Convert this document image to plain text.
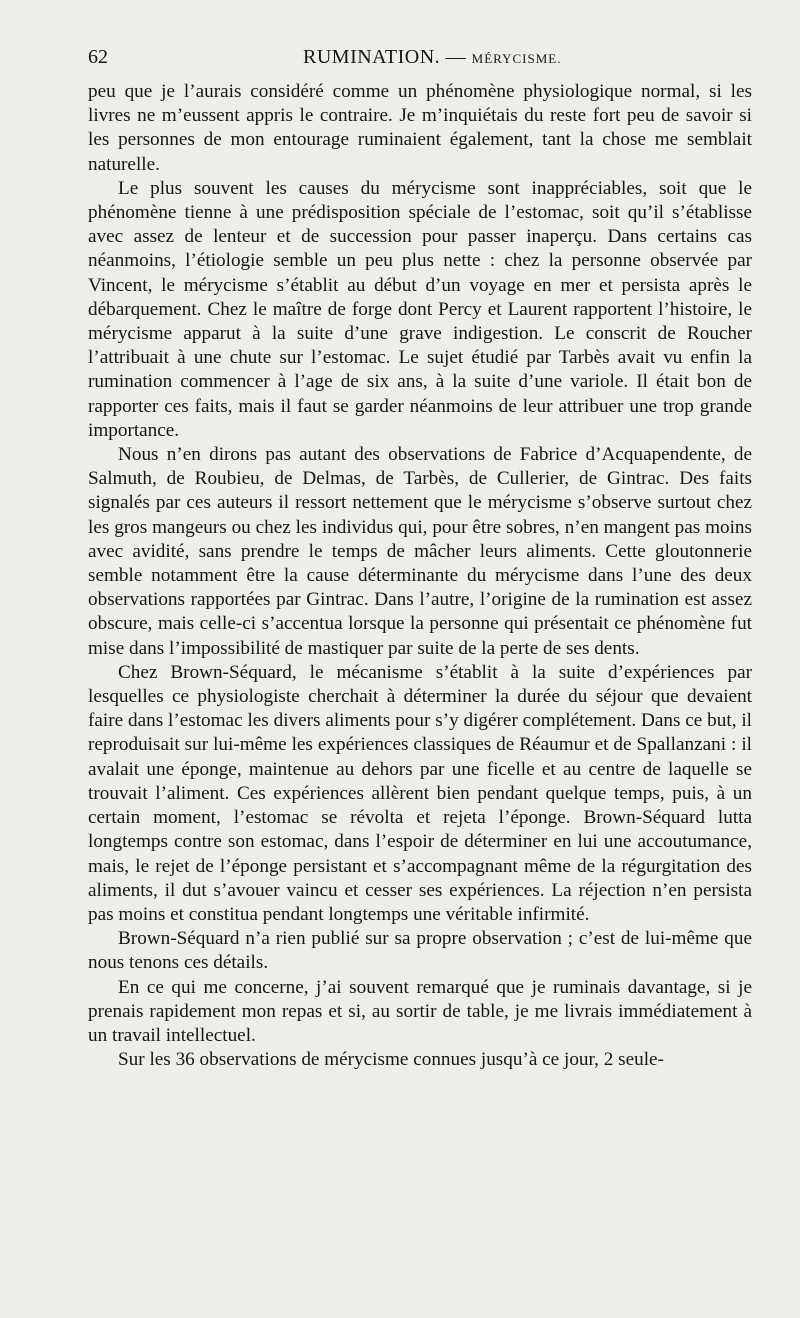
62	RUMINATION. — MÉRYCISME.

peu que je l’aurais considéré comme un phénomène physiologique normal, si les livres ne m’eussent appris le contraire. Je m’inquiétais du reste fort peu de savoir si les personnes de mon entourage ruminaient également, tant la chose me semblait naturelle.

Le plus souvent les causes du mérycisme sont inappréciables, soit que le phénomène tienne à une prédisposition spéciale de l’estomac, soit qu’il s’établisse avec assez de lenteur et de succession pour passer inaperçu. Dans certains cas néanmoins, l’étiologie semble un peu plus nette : chez la personne observée par Vincent, le mérycisme s’établit au début d’un voyage en mer et persista après le débarquement. Chez le maître de forge dont Percy et Laurent rapportent l’histoire, le mérycisme apparut à la suite d’une grave indigestion. Le conscrit de Roucher l’attribuait à une chute sur l’estomac. Le sujet étudié par Tarbès avait vu enfin la rumination commencer à l’age de six ans, à la suite d’une variole. Il était bon de rapporter ces faits, mais il faut se garder néanmoins de leur attribuer une trop grande importance.

Nous n’en dirons pas autant des observations de Fabrice d’Acquapendente, de Salmuth, de Roubieu, de Delmas, de Tarbès, de Cullerier, de Gintrac. Des faits signalés par ces auteurs il ressort nettement que le mérycisme s’observe surtout chez les gros mangeurs ou chez les individus qui, pour être sobres, n’en mangent pas moins avec avidité, sans prendre le temps de mâcher leurs aliments. Cette gloutonnerie semble notamment être la cause déterminante du mérycisme dans l’une des deux observations rapportées par Gintrac. Dans l’autre, l’origine de la rumination est assez obscure, mais celle-ci s’accentua lorsque la personne qui présentait ce phénomène fut mise dans l’impossibilité de mastiquer par suite de la perte de ses dents.

Chez Brown-Séquard, le mécanisme s’établit à la suite d’expériences par lesquelles ce physiologiste cherchait à déterminer la durée du séjour que devaient faire dans l’estomac les divers aliments pour s’y digérer complétement. Dans ce but, il reproduisait sur lui-même les expériences classiques de Réaumur et de Spallanzani : il avalait une éponge, maintenue au dehors par une ficelle et au centre de laquelle se trouvait l’aliment. Ces expériences allèrent bien pendant quelque temps, puis, à un certain moment, l’estomac se révolta et rejeta l’éponge. Brown-Séquard lutta longtemps contre son estomac, dans l’espoir de déterminer en lui une accoutumance, mais, le rejet de l’éponge persistant et s’accompagnant même de la régurgitation des aliments, il dut s’avouer vaincu et cesser ses expériences. La réjection n’en persista pas moins et constitua pendant longtemps une véritable infirmité.

Brown-Séquard n’a rien publié sur sa propre observation ; c’est de lui-même que nous tenons ces détails.

En ce qui me concerne, j’ai souvent remarqué que je ruminais davantage, si je prenais rapidement mon repas et si, au sortir de table, je me livrais immédiatement à un travail intellectuel.

Sur les 36 observations de mérycisme connues jusqu’à ce jour, 2 seule-
